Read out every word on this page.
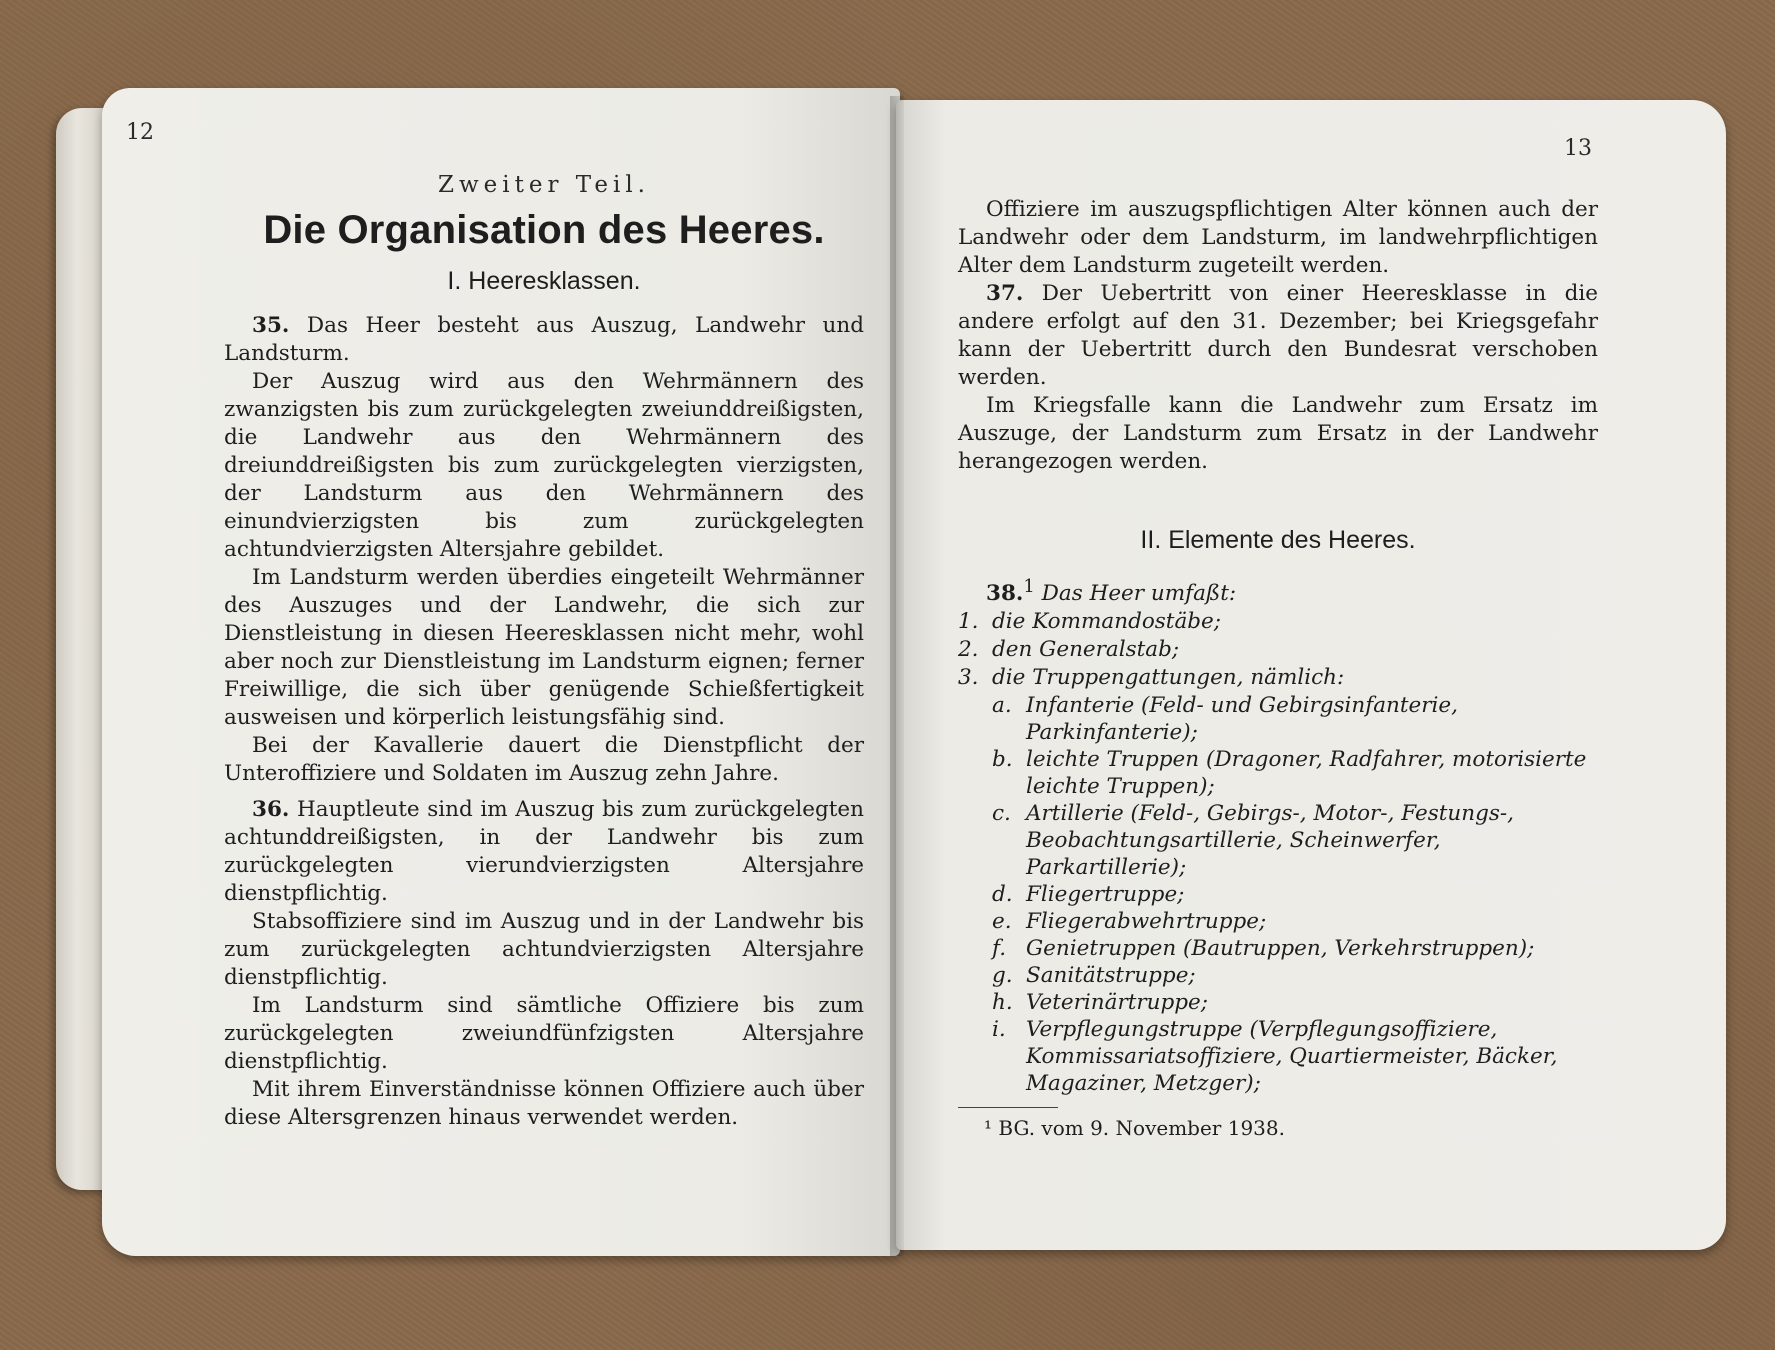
12
Zweiter Teil.
Die Organisation des Heeres.
I. Heeresklassen.

35. Das Heer besteht aus Auszug, Landwehr und Landsturm.

Der Auszug wird aus den Wehrmännern des zwanzigsten bis zum zurückgelegten zweiunddreißigsten, die Landwehr aus den Wehrmännern des dreiunddreißigsten bis zum zurückgelegten vierzigsten, der Landsturm aus den Wehrmännern des einundvierzigsten bis zum zurückgelegten achtundvierzigsten Altersjahre gebildet.

Im Landsturm werden überdies eingeteilt Wehrmänner des Auszuges und der Landwehr, die sich zur Dienstleistung in diesen Heeresklassen nicht mehr, wohl aber noch zur Dienstleistung im Landsturm eignen; ferner Freiwillige, die sich über genügende Schießfertigkeit ausweisen und körperlich leistungsfähig sind.

Bei der Kavallerie dauert die Dienstpflicht der Unteroffiziere und Soldaten im Auszug zehn Jahre.

36. Hauptleute sind im Auszug bis zum zurückgelegten achtunddreißigsten, in der Landwehr bis zum zurückgelegten vierundvierzigsten Altersjahre dienstpflichtig.

Stabsoffiziere sind im Auszug und in der Landwehr bis zum zurückgelegten achtundvierzigsten Altersjahre dienstpflichtig.

Im Landsturm sind sämtliche Offiziere bis zum zurückgelegten zweiundfünfzigsten Altersjahre dienstpflichtig.

Mit ihrem Einverständnisse können Offiziere auch über diese Altersgrenzen hinaus verwendet werden.

13

Offiziere im auszugspflichtigen Alter können auch der Landwehr oder dem Landsturm, im landwehrpflichtigen Alter dem Landsturm zugeteilt werden.

37. Der Uebertritt von einer Heeresklasse in die andere erfolgt auf den 31. Dezember; bei Kriegsgefahr kann der Uebertritt durch den Bundesrat verschoben werden.

Im Kriegsfalle kann die Landwehr zum Ersatz im Auszuge, der Landsturm zum Ersatz in der Landwehr herangezogen werden.

II. Elemente des Heeres.

38.$^1$ Das Heer umfaßt:

1. die Kommandostäbe;
2. den Generalstab;
3. die Truppengattungen, nämlich:
a. Infanterie (Feld- und Gebirgsinfanterie, Parkinfanterie);
b. leichte Truppen (Dragoner, Radfahrer, motorisierte leichte Truppen);
c. Artillerie (Feld-, Gebirgs-, Motor-, Festungs-, Beobachtungsartillerie, Scheinwerfer, Parkartillerie);
d. Fliegertruppe;
e. Fliegerabwehrtruppe;
f. Genietruppen (Bautruppen, Verkehrstruppen);
g. Sanitätstruppe;
h. Veterinärtruppe;
i. Verpflegungstruppe (Verpflegungsoffiziere, Kommissariatsoffiziere, Quartiermeister, Bäcker, Magaziner, Metzger);

¹ BG. vom 9. November 1938.
